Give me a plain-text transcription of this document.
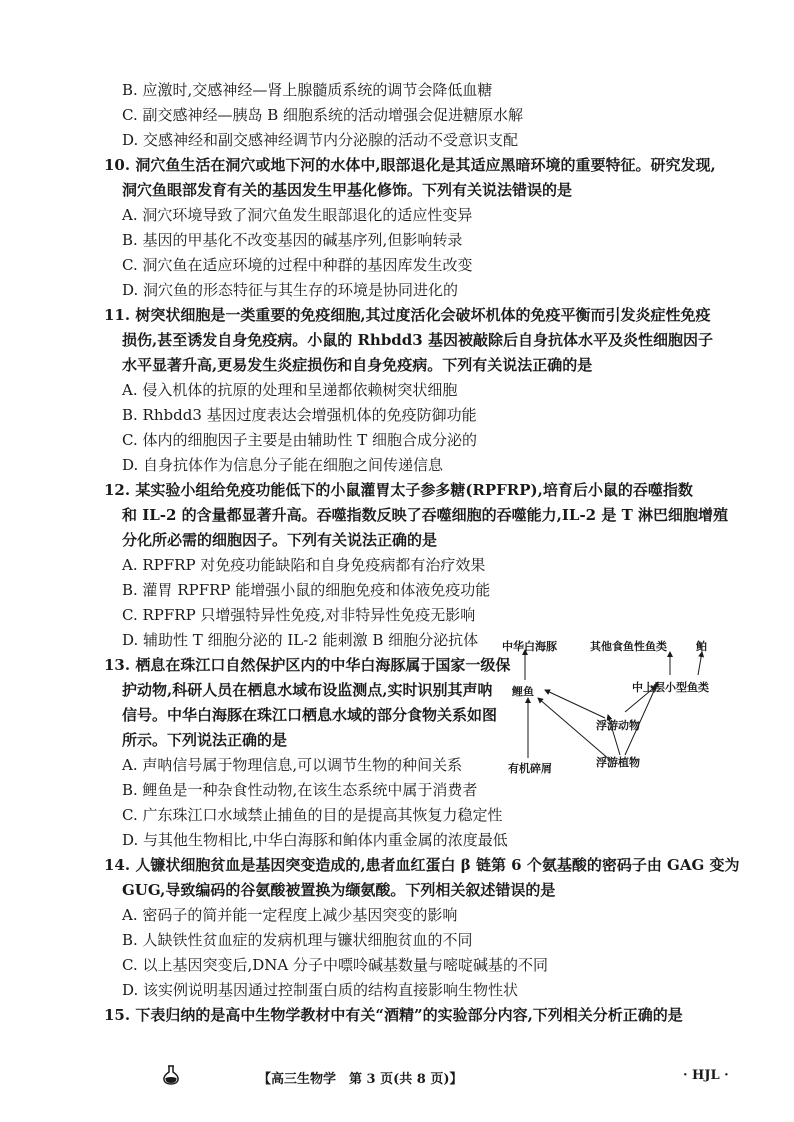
B. 应激时,交感神经—肾上腺髓质系统的调节会降低血糖
C. 副交感神经—胰岛 B 细胞系统的活动增强会促进糖原水解
D. 交感神经和副交感神经调节内分泌腺的活动不受意识支配
10. 洞穴鱼生活在洞穴或地下河的水体中,眼部退化是其适应黑暗环境的重要特征。研究发现,
洞穴鱼眼部发育有关的基因发生甲基化修饰。下列有关说法错误的是
A. 洞穴环境导致了洞穴鱼发生眼部退化的适应性变异
B. 基因的甲基化不改变基因的碱基序列,但影响转录
C. 洞穴鱼在适应环境的过程中种群的基因库发生改变
D. 洞穴鱼的形态特征与其生存的环境是协同进化的
11. 树突状细胞是一类重要的免疫细胞,其过度活化会破坏机体的免疫平衡而引发炎症性免疫
损伤,甚至诱发自身免疫病。小鼠的 Rhbdd3 基因被敲除后自身抗体水平及炎性细胞因子
水平显著升高,更易发生炎症损伤和自身免疫病。下列有关说法正确的是
A. 侵入机体的抗原的处理和呈递都依赖树突状细胞
B. Rhbdd3 基因过度表达会增强机体的免疫防御功能
C. 体内的细胞因子主要是由辅助性 T 细胞合成分泌的
D. 自身抗体作为信息分子能在细胞之间传递信息
12. 某实验小组给免疫功能低下的小鼠灌胃太子参多糖(RPFRP),培育后小鼠的吞噬指数
和 IL-2 的含量都显著升高。吞噬指数反映了吞噬细胞的吞噬能力,IL-2 是 T 淋巴细胞增殖
分化所必需的细胞因子。下列有关说法正确的是
A. RPFRP 对免疫功能缺陷和自身免疫病都有治疗效果
B. 灌胃 RPFRP 能增强小鼠的细胞免疫和体液免疫功能
C. RPFRP 只增强特异性免疫,对非特异性免疫无影响
D. 辅助性 T 细胞分泌的 IL-2 能刺激 B 细胞分泌抗体
13. 栖息在珠江口自然保护区内的中华白海豚属于国家一级保
护动物,科研人员在栖息水域布设监测点,实时识别其声呐
信号。中华白海豚在珠江口栖息水域的部分食物关系如图
所示。下列说法正确的是
A. 声呐信号属于物理信息,可以调节生物的种间关系
B. 鲤鱼是一种杂食性动物,在该生态系统中属于消费者
C. 广东珠江口水域禁止捕鱼的目的是提高其恢复力稳定性
D. 与其他生物相比,中华白海豚和鲌体内重金属的浓度最低
14. 人镰状细胞贫血是基因突变造成的,患者血红蛋白 β 链第 6 个氨基酸的密码子由 GAG 变为
GUG,导致编码的谷氨酸被置换为缬氨酸。下列相关叙述错误的是
A. 密码子的简并能一定程度上减少基因突变的影响
B. 人缺铁性贫血症的发病机理与镰状细胞贫血的不同
C. 以上基因突变后,DNA 分子中嘌呤碱基数量与嘧啶碱基的不同
D. 该实例说明基因通过控制蛋白质的结构直接影响生物性状
15. 下表归纳的是高中生物学教材中有关“酒精”的实验部分内容,下列相关分析正确的是
中华白海豚	其他食鱼性鱼类	鲌
中上层小型鱼类
鲤鱼
浮游动物
浮游植物
有机碎屑
【高三生物学　第 3 页(共 8 页)】	· HJL ·
